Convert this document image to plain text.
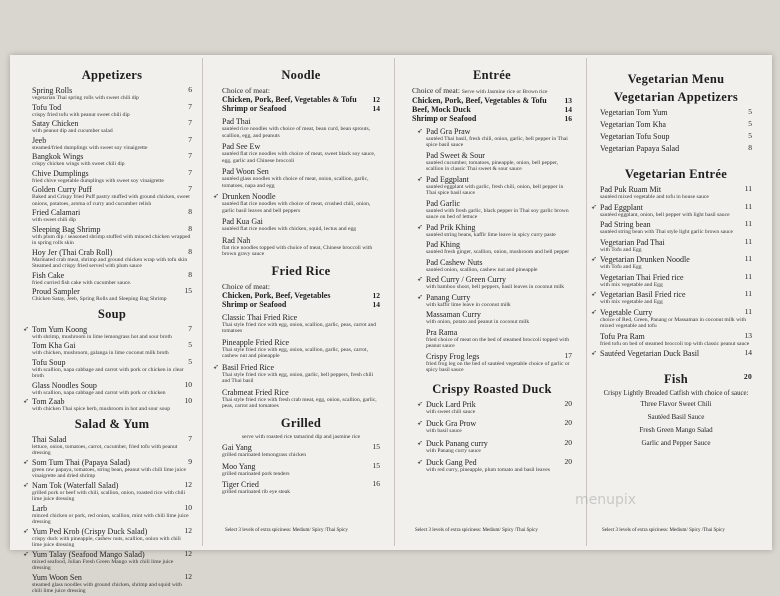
Appetizers
Spring Rolls	6
vegetarian Thai spring rolls with sweet chili dip
Tofu Tod	7
crispy fried tofu with peanut sweet chili dip
Satay Chicken	7
with peanut dip and cucumber salad
Jeeb	7
steamed/fried dumplings with sweet soy vinaigrette
Bangkok Wings	7
crispy chicken wings with sweet chili dip
Chive Dumplings	7
fried chive vegetable dumplings with sweet soy vinaigrette
Golden Curry Puff	7
Baked and Crispy fried Puff pastry stuffed with ground chicken, sweet onions, potatoes, aroma of curry and cucumber relish
Fried Calamari	8
with sweet chili dip
Sleeping Bag Shrimp	8
with plum dip / seasoned shrimp stuffed with minced chicken wrapped in spring rolls skin
Hoy Jer (Thai Crab Roll)	8
Marinated crab meat, shrimp and ground chicken wrap with tofu skin Steamed and crispy fried served with plum sauce
Fish Cake	8
fried curried fish cake with cucumber sauce.
Proud Sampler	15
Chicken Satay, Jeeb, Spring Rolls and Sleeping Bag Shrimp
Soup
➶ Tom Yum Koong	7
with shrimp, mushroom in lime lemongrass hot and sour broth
Tom Kha Gai	5
with chicken, mushroom, galanga in lime coconut milk broth
Tofu Soup	5
with scallion, napa cabbage and carrot with pork or chicken in clear broth
Glass Noodles Soup	10
with scallion, napa cabbage and carrot with pork or chicken
➶ Tom Zaab	10
with chicken Thai spice herb, mushroom in hot and sour soup
Salad & Yum
Thai Salad	7
lettuce, onion, tomatoes, carrot, cucumber, fried tofu with peanut dressing
➶ Som Tum Thai (Papaya Salad)	9
green raw papaya, tomatoes, string bean, peanut with chili lime juice vinaigrette and dried shrimp
➶ Nam Tok (Waterfall Salad)	12
grilled pork or beef with chili, scallion, onion, roasted rice with chili lime juice dressing
Larb	10
minced chicken or pork, red onion, scallion, mint with chili lime juice dressing
➶ Yum Ped Krob (Crispy Duck Salad)	12
crispy duck with pineapple, cashew nuts, scallion, onion with chili lime juice dressing
➶ Yum Talay (Seafood Mango Salad)	12
mixed seafood, Julian Fresh Green Mango with chili lime juice dressing
Yum Woon Sen	12
steamed glass noodles with ground chicken, shrimp and squid with chili lime juice dressing
Noodle
Choice of meat:
Chicken, Pork, Beef, Vegetables & Tofu 12
Shrimp or Seafood	14
Pad Thai
sautéed rice noodles with choice of meat, bean curd, bean sprouts, scallion, egg, and peanuts
Pad See Ew
sautéed flat rice noodles with choice of meat, sweet black soy sauce, egg, garlic and Chinese broccoli
Pad Woon Sen
sautéed glass noodles with choice of meat, onion, scallion, garlic, tomatoes, napa and egg
➶ Drunken Noodle
sautéed flat rice noodles with choice of meat, crushed chili, onion, garlic basil leaves and bell peppers
Pad Kua Gai
sautéed flat rice noodles with chicken, squid, lectus and egg
Rad Nah
flat rice noodles topped with choice of meat, Chinese broccoli with brown gravy sauce
Fried Rice
Choice of meat:
Chicken, Pork, Beef, Vegetables	12
Shrimp or Seafood	14
Classic Thai Fried Rice
Thai style fried rice with egg, onion, scallion, garlic, peas, carrot and tomatoes
Pineapple Fried Rice
Thai style fried rice with egg, onion, scallion, garlic, peas, carrot, cashew nut and pineapple
➶ Basil Fried Rice
Thai style fried rice with egg, onion, garlic, bell peppers, fresh chili and Thai basil
Crabmeat Fried Rice
Thai style fried rice with fresh crab meat, egg, onion, scallion, garlic, peas, carrot and tomatoes
Grilled
serve with roasted rice tamarind dip and jasmine rice
Gai Yang	15
grilled marinated lemongrass chicken
Moo Yang	15
grilled marinated pork tenders
Tiger Cried	16
grilled marinated rib eye steak
Entrée
Choice of meat: Serve with Jasmine rice or Brown rice
Chicken, Pork, Beef, Vegetables & Tofu 13
Beef, Mock Duck	14
Shrimp or Seafood	16
➶ Pad Gra Praw
sautéed Thai basil, fresh chili, onion, garlic, bell pepper in Thai spice basil sauce
Pad Sweet & Sour
sautéed cucumber, tomatoes, pineapple, onion, bell pepper, scallion in classic Thai sweet & sour sauce
➶ Pad Eggplant
sautéed eggplant with garlic, fresh chili, onion, bell pepper in Thai spice basil sauce
Pad Garlic
sautéed with fresh garlic, black pepper in Thai soy garlic brown sauce on bed of lettuce
➶ Pad Prik Khing
sautéed string beans, kaffir lime leave in spicy curry paste
Pad Khing
sautéed fresh ginger, scallion, onion, mushroom and bell pepper
Pad Cashew Nuts
sautéed onion, scallion, cashew nut and pineapple
➶ Red Curry / Green Curry
with bamboo shoot, bell peppers, basil leaves in coconut milk
➶ Panang Curry
with kaffir lime leave in coconut milk
Massaman Curry
with onion, potato and peanut in coconut milk
Pra Rama
fried choice of meat on the bed of steamed broccoli topped with peanut sauce
Crispy Frog legs	17
fried frog leg on the bed of sautéed vegetable choice of garlic or spicy basil sauce
Crispy Roasted Duck
➶ Duck Lard Prik	20
with sweet chili sauce
➶ Duck Gra Prow	20
with basil sauce
➶ Duck Panang curry	20
with Panang curry sauce
➶ Duck Gang Ped	20
with red curry, pineapple, plum tomato and basil leaves
Vegetarian Menu
Vegetarian Appetizers
Vegetarian Tom Yum	5
Vegetarian Tom Kha	5
Vegetarian Tofu Soup	5
Vegetarian Papaya Salad	8
Vegetarian Entrée
Pad Puk Ruam Mit	11
sautéed mixed vegetable and tofu in house sauce
➶ Pad Eggplant	11
sautéed eggplant, onion, bell pepper with light basil sauce
Pad String bean	11
sautéed string bean with Thai style light garlic brown sauce
Vegetarian Pad Thai	11
with Tofu and Egg
➶ Vegetarian Drunken Noodle	11
with Tofu and Egg
Vegetarian Thai Fried rice	11
with mix vegetable and Egg
➶ Vegetarian Basil Fried rice	11
with mix vegetable and Egg
➶ Vegetable Curry	11
choice of Red, Green, Panang or Massaman in coconut milk with mixed vegetable and tofu
Tofu Pra Ram	13
fried tofu on bed of steamed broccoli top with classic peanut sauce
➶ Sautéed Vegetarian Duck Basil	14
Fish	20
Crispy Lightly Breaded Catfish with choice of sauce:
Three Flavor Sweet Chili
Sautéed Basil Sauce
Fresh Green Mango Salad
Garlic and Pepper Sauce
Select 3 levels of extra spiciness: Medium/ Spicy /Thai Spicy	Select 3 levels of extra spiciness: Medium/ Spicy /Thai Spicy	Select 3 levels of extra spiciness: Medium/ Spicy /Thai Spicy
menupix
